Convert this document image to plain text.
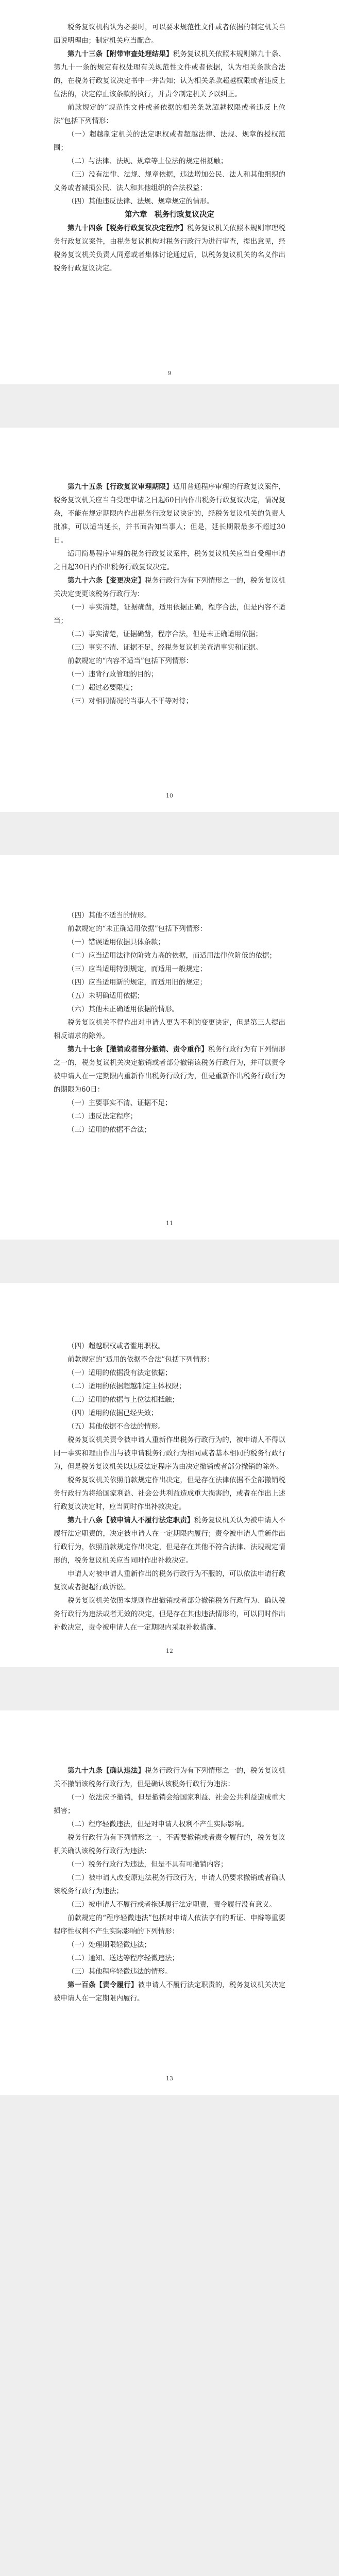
税务复议机构认为必要时，可以要求规范性文件或者依据的制定机关当面说明理由；制定机关应当配合。

第九十三条【附带审查处理结果】税务复议机关依照本规则第九十条、第九十一条的规定有权处理有关规范性文件或者依据，认为相关条款合法的，在税务行政复议决定书中一并告知；认为相关条款超越权限或者违反上位法的，决定停止该条款的执行，并责令制定机关予以纠正。

前款规定的“规范性文件或者依据的相关条款超越权限或者违反上位法”包括下列情形：

（一）超越制定机关的法定职权或者超越法律、法规、规章的授权范围；

（二）与法律、法规、规章等上位法的规定相抵触；

（三）没有法律、法规、规章依据，违法增加公民、法人和其他组织的义务或者减损公民、法人和其他组织的合法权益；

（四）其他违反法律、法规、规章规定的情形。

第六章　税务行政复议决定

第九十四条【税务行政复议决定程序】税务复议机关依照本规则审理税务行政复议案件，由税务复议机构对税务行政行为进行审查，提出意见，经税务复议机关负责人同意或者集体讨论通过后，以税务复议机关的名义作出税务行政复议决定。

9

第九十五条【行政复议审理期限】适用普通程序审理的行政复议案件，税务复议机关应当自受理申请之日起60日内作出税务行政复议决定，情况复杂，不能在规定期限内作出税务行政复议决定的，经税务复议机关的负责人批准，可以适当延长，并书面告知当事人；但是，延长期限最多不超过30日。

适用简易程序审理的税务行政复议案件，税务复议机关应当自受理申请之日起30日内作出税务行政复议决定。

第九十六条【变更决定】税务行政行为有下列情形之一的，税务复议机关决定变更该税务行政行为：

（一）事实清楚，证据确凿，适用依据正确，程序合法，但是内容不适当；

（二）事实清楚，证据确凿，程序合法，但是未正确适用依据；

（三）事实不清、证据不足，经税务复议机关查清事实和证据。

前款规定的“内容不适当”包括下列情形：

（一）违背行政管理的目的；

（二）超过必要限度；

（三）对相同情况的当事人不平等对待；

10

（四）其他不适当的情形。

前款规定的“未正确适用依据”包括下列情形：

（一）错误适用依据具体条款；

（二）应当适用法律位阶效力高的依据，而适用法律位阶低的依据；

（三）应当适用特别规定，而适用一般规定；

（四）应当适用新的规定，而适用旧的规定；

（五）未明确适用依据；

（六）其他未正确适用依据的情形。

税务复议机关不得作出对申请人更为不利的变更决定，但是第三人提出相反请求的除外。

第九十七条【撤销或者部分撤销、责令重作】税务行政行为有下列情形之一的，税务复议机关决定撤销或者部分撤销该税务行政行为，并可以责令被申请人在一定期限内重新作出税务行政行为，但是重新作出税务行政行为的期限为60日：

（一）主要事实不清、证据不足；

（二）违反法定程序；

（三）适用的依据不合法；

11

（四）超越职权或者滥用职权。

前款规定的“适用的依据不合法”包括下列情形：

（一）适用的依据没有法定依据；

（二）适用的依据超越制定主体权限；

（三）适用的依据与上位法相抵触；

（四）适用的依据已经失效；

（五）其他依据不合法的情形。

税务复议机关责令被申请人重新作出税务行政行为的，被申请人不得以同一事实和理由作出与被申请税务行政行为相同或者基本相同的税务行政行为，但是税务复议机关以违反法定程序为由决定撤销或者部分撤销的除外。

税务复议机关依照前款规定作出决定，但是存在法律依据不全部撤销税务行政行为将给国家利益、社会公共利益造成重大损害的，或者在作出上述行政复议决定时，应当同时作出补救决定。

第九十八条【被申请人不履行法定职责】税务复议机关认为被申请人不履行法定职责的，决定被申请人在一定期限内履行；责令被申请人重新作出行政行为，依照前款规定作出决定，但是存在其他不符合法律、法规规定情形的，税务复议机关应当同时作出补救决定。

申请人对被申请人重新作出的税务行政行为不服的，可以依法申请行政复议或者提起行政诉讼。

税务复议机关依照本规则作出撤销或者部分撤销税务行政行为、确认税务行政行为违法或者无效的决定，但是存在其他违法情形的，可以同时作出补救决定，责令被申请人在一定期限内采取补救措施。

12

第九十九条【确认违法】税务行政行为有下列情形之一的，税务复议机关不撤销该税务行政行为，但是确认该税务行政行为违法：

（一）依法应予撤销，但是撤销会给国家利益、社会公共利益造成重大损害；

（二）程序轻微违法，但是对申请人权利不产生实际影响。

税务行政行为有下列情形之一，不需要撤销或者责令履行的，税务复议机关确认该税务行政行为违法：

（一）税务行政行为违法，但是不具有可撤销内容；

（二）被申请人改变原违法税务行政行为，申请人仍要求撤销或者确认该税务行政行为违法；

（三）被申请人不履行或者拖延履行法定职责，责令履行没有意义。

前款规定的“程序轻微违法”包括对申请人依法享有的听证、申辩等重要程序性权利不产生实际影响的下列情形：

（一）处理期限轻微违法；

（二）通知、送达等程序轻微违法；

（三）其他程序轻微违法的情形。

第一百条【责令履行】被申请人不履行法定职责的，税务复议机关决定被申请人在一定期限内履行。

13
